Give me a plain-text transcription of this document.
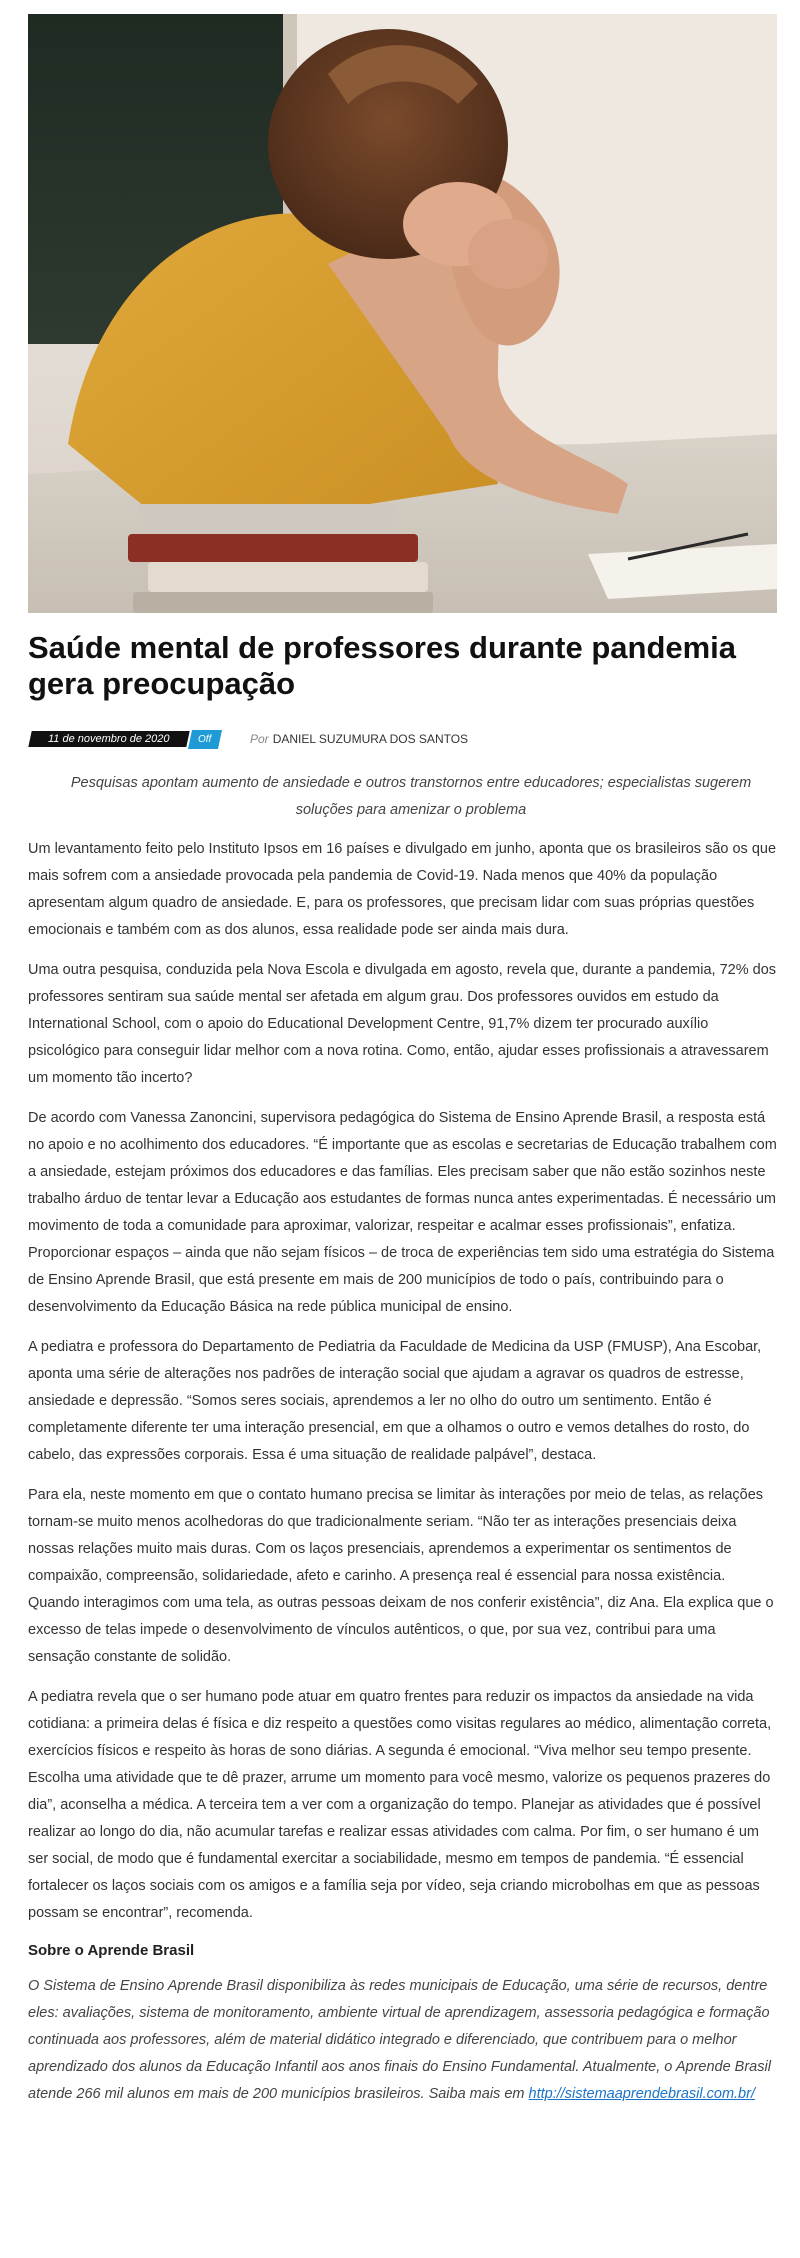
Saúde mental de professores durante pandemia gera preocupação
11 de novembro de 2020	Off	Por DANIEL SUZUMURA DOS SANTOS

Pesquisas apontam aumento de ansiedade e outros transtornos entre educadores; especialistas sugerem soluções para amenizar o problema

Um levantamento feito pelo Instituto Ipsos em 16 países e divulgado em junho, aponta que os brasileiros são os que mais sofrem com a ansiedade provocada pela pandemia de Covid-19. Nada menos que 40% da população apresentam algum quadro de ansiedade. E, para os professores, que precisam lidar com suas próprias questões emocionais e também com as dos alunos, essa realidade pode ser ainda mais dura.

Uma outra pesquisa, conduzida pela Nova Escola e divulgada em agosto, revela que, durante a pandemia, 72% dos professores sentiram sua saúde mental ser afetada em algum grau. Dos professores ouvidos em estudo da International School, com o apoio do Educational Development Centre, 91,7% dizem ter procurado auxílio psicológico para conseguir lidar melhor com a nova rotina. Como, então, ajudar esses profissionais a atravessarem um momento tão incerto?

De acordo com Vanessa Zanoncini, supervisora pedagógica do Sistema de Ensino Aprende Brasil, a resposta está no apoio e no acolhimento dos educadores. “É importante que as escolas e secretarias de Educação trabalhem com a ansiedade, estejam próximos dos educadores e das famílias. Eles precisam saber que não estão sozinhos neste trabalho árduo de tentar levar a Educação aos estudantes de formas nunca antes experimentadas. É necessário um movimento de toda a comunidade para aproximar, valorizar, respeitar e acalmar esses profissionais”, enfatiza. Proporcionar espaços – ainda que não sejam físicos – de troca de experiências tem sido uma estratégia do Sistema de Ensino Aprende Brasil, que está presente em mais de 200 municípios de todo o país, contribuindo para o desenvolvimento da Educação Básica na rede pública municipal de ensino.

A pediatra e professora do Departamento de Pediatria da Faculdade de Medicina da USP (FMUSP), Ana Escobar, aponta uma série de alterações nos padrões de interação social que ajudam a agravar os quadros de estresse, ansiedade e depressão. “Somos seres sociais, aprendemos a ler no olho do outro um sentimento. Então é completamente diferente ter uma interação presencial, em que a olhamos o outro e vemos detalhes do rosto, do cabelo, das expressões corporais. Essa é uma situação de realidade palpável”, destaca.

Para ela, neste momento em que o contato humano precisa se limitar às interações por meio de telas, as relações tornam-se muito menos acolhedoras do que tradicionalmente seriam. “Não ter as interações presenciais deixa nossas relações muito mais duras. Com os laços presenciais, aprendemos a experimentar os sentimentos de compaixão, compreensão, solidariedade, afeto e carinho. A presença real é essencial para nossa existência. Quando interagimos com uma tela, as outras pessoas deixam de nos conferir existência”, diz Ana. Ela explica que o excesso de telas impede o desenvolvimento de vínculos autênticos, o que, por sua vez, contribui para uma sensação constante de solidão.

A pediatra revela que o ser humano pode atuar em quatro frentes para reduzir os impactos da ansiedade na vida cotidiana: a primeira delas é física e diz respeito a questões como visitas regulares ao médico, alimentação correta, exercícios físicos e respeito às horas de sono diárias. A segunda é emocional. “Viva melhor seu tempo presente. Escolha uma atividade que te dê prazer, arrume um momento para você mesmo, valorize os pequenos prazeres do dia”, aconselha a médica. A terceira tem a ver com a organização do tempo. Planejar as atividades que é possível realizar ao longo do dia, não acumular tarefas e realizar essas atividades com calma. Por fim, o ser humano é um ser social, de modo que é fundamental exercitar a sociabilidade, mesmo em tempos de pandemia. “É essencial fortalecer os laços sociais com os amigos e a família seja por vídeo, seja criando microbolhas em que as pessoas possam se encontrar”, recomenda.

Sobre o Aprende Brasil

O Sistema de Ensino Aprende Brasil disponibiliza às redes municipais de Educação, uma série de recursos, dentre eles: avaliações, sistema de monitoramento, ambiente virtual de aprendizagem, assessoria pedagógica e formação continuada aos professores, além de material didático integrado e diferenciado, que contribuem para o melhor aprendizado dos alunos da Educação Infantil aos anos finais do Ensino Fundamental. Atualmente, o Aprende Brasil atende 266 mil alunos em mais de 200 municípios brasileiros. Saiba mais em http://sistemaaprendebrasil.com.br/
